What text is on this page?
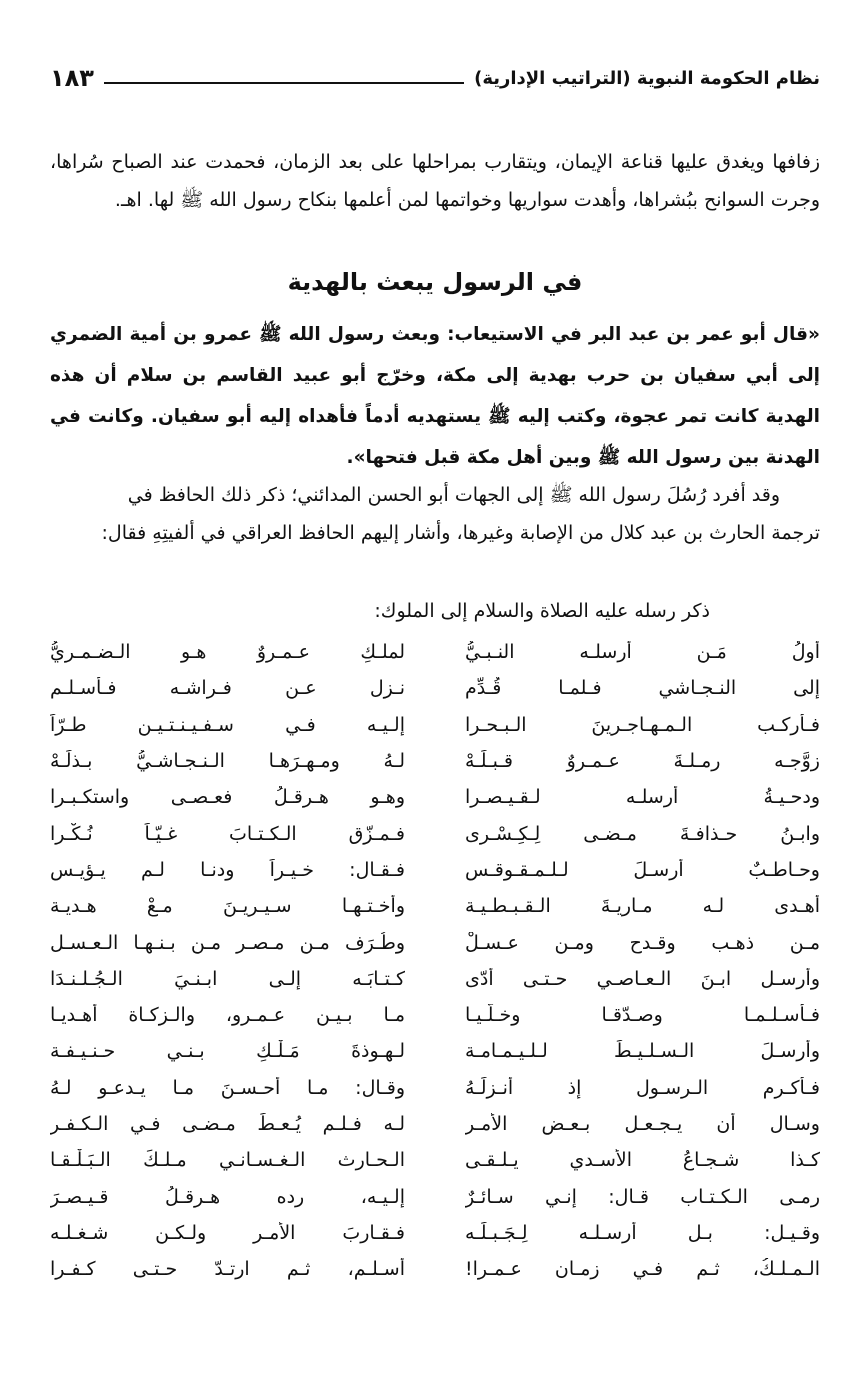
نظام الحكومة النبوية (التراتيب الإدارية)
١٨٣
زفافها ويغدق عليها قناعة الإيمان، ويتقارب بمراحلها على بعد الزمان، فحمدت عند الصباح سُراها، وجرت السوانح ببُشراها، وأهدت سواريها وخواتمها لمن أعلمها بنكاح رسول الله ﷺ لها. اهـ.
في الرسول يبعث بالهدية
«قال أبو عمر بن عبد البر في الاستيعاب: وبعث رسول الله ﷺ عمرو بن أمية الضمري إلى أبي سفيان بن حرب بهدية إلى مكة، وخرّج أبو عبيد القاسم بن سلام أن هذه الهدية كانت تمر عجوة، وكتب إليه ﷺ يستهديه أدماً فأهداه إليه أبو سفيان. وكانت في الهدنة بين رسول الله ﷺ وبين أهل مكة قبل فتحها».
وقد أفرد رُسُلَ رسول الله ﷺ إلى الجهات أبو الحسن المدائني؛ ذكر ذلك الحافظ في
ترجمة الحارث بن عبد كلال من الإصابة وغيرها، وأشار إليهم الحافظ العراقي في ألفيتِهِ فقال:
ذكر رسله عليه الصلاة والسلام إلى الملوك:
أولُ مَـن أرسلـه النـبـيُّ
لملـكِ عـمـروٌ هـو الـضـمـريُّ
إلى النـجـاشي فـلمـا قُـدِّم
نـزل عـن فـراشـه فـأسـلـم
فـأركـب الـمـهـاجـرينَ الـبـحـرا
إلـيـه فـي سـفـيـنـتـيـن طـرّاً
زوَّجـه رمـلـةَ عـمـروٌ قـبـلَـهْ
لـهُ ومـهـرَهـا الـنـجـاشـيُّ بـذلَـهْ
ودحـيـةُ أرسلـه لـقـيـصـرا
وهـو هـرقـلُ فعـصـى واستكـبـرا
وابـنُ حـذافـةَ مـضـى لِـكِـسْـرى
فـمـزّق الـكـتـابَ غـيّـاً نُـكْـرا
وحـاطـبٌ أرسـلَ لـلـمـقـوقـسِ
فـقـال: خـيـراً ودنـا لـم يـؤيـس
أهـدى لـه مـاريـةَ الـقـبـطـيـة
وأُخـتـهـا سـيـريـنَ مـعْ هـديـة
مـن ذهـب وقـدح ومـن عـسـلْ
وطُـرَف مـن مـصـر مـن بـنـهـا الـعـسـل
وأرسـل ابـنَ الـعـاصـي حـتـى أدّى
كـتـابَـه إلـى ابـنـيَ الـجُـلـنـدَا
فـأسـلـمـا وصـدّقـا وخـلَّـيـا
مـا بـيـن عـمـرو، والـزكـاة أهـديـا
وأرسـلَ الـسـلـيـطَ لـلـيـمـامـة
لـهـوذةَ مَـلْـكِ بـنـي حـنـيـفـة
فـأكـرم الـرسـول إذ أنـزلَـهُ
وقـال: مـا أحـسـنَ مـا يـدعـو لـهُ
وسـال أن يـجـعـل بـعـض الأمـر
لـه فـلـم يُـعـطَ مـضـى فـي الـكـفـر
كـذا شـجـاعُ الأسـدي يـلـقـى
الـحـارث الـغـسـانـي مـلـكَ الـبَـلْـقـا
رمـى الـكـتـاب قـال: إنـي سـائـرٌ
إلـيـه، رده هـرقـلُ قـيـصـرَ
وقـيـل: بـل أرسـلـه لِـجَـبـلَـه
فـقـاربَ الأمـر ولـكـن شـغـلـه
الـمـلـكُ، ثـم فـي زمـان عـمـرا!
أسـلـم، ثـم ارتـدّ حـتـى كـفـرا
